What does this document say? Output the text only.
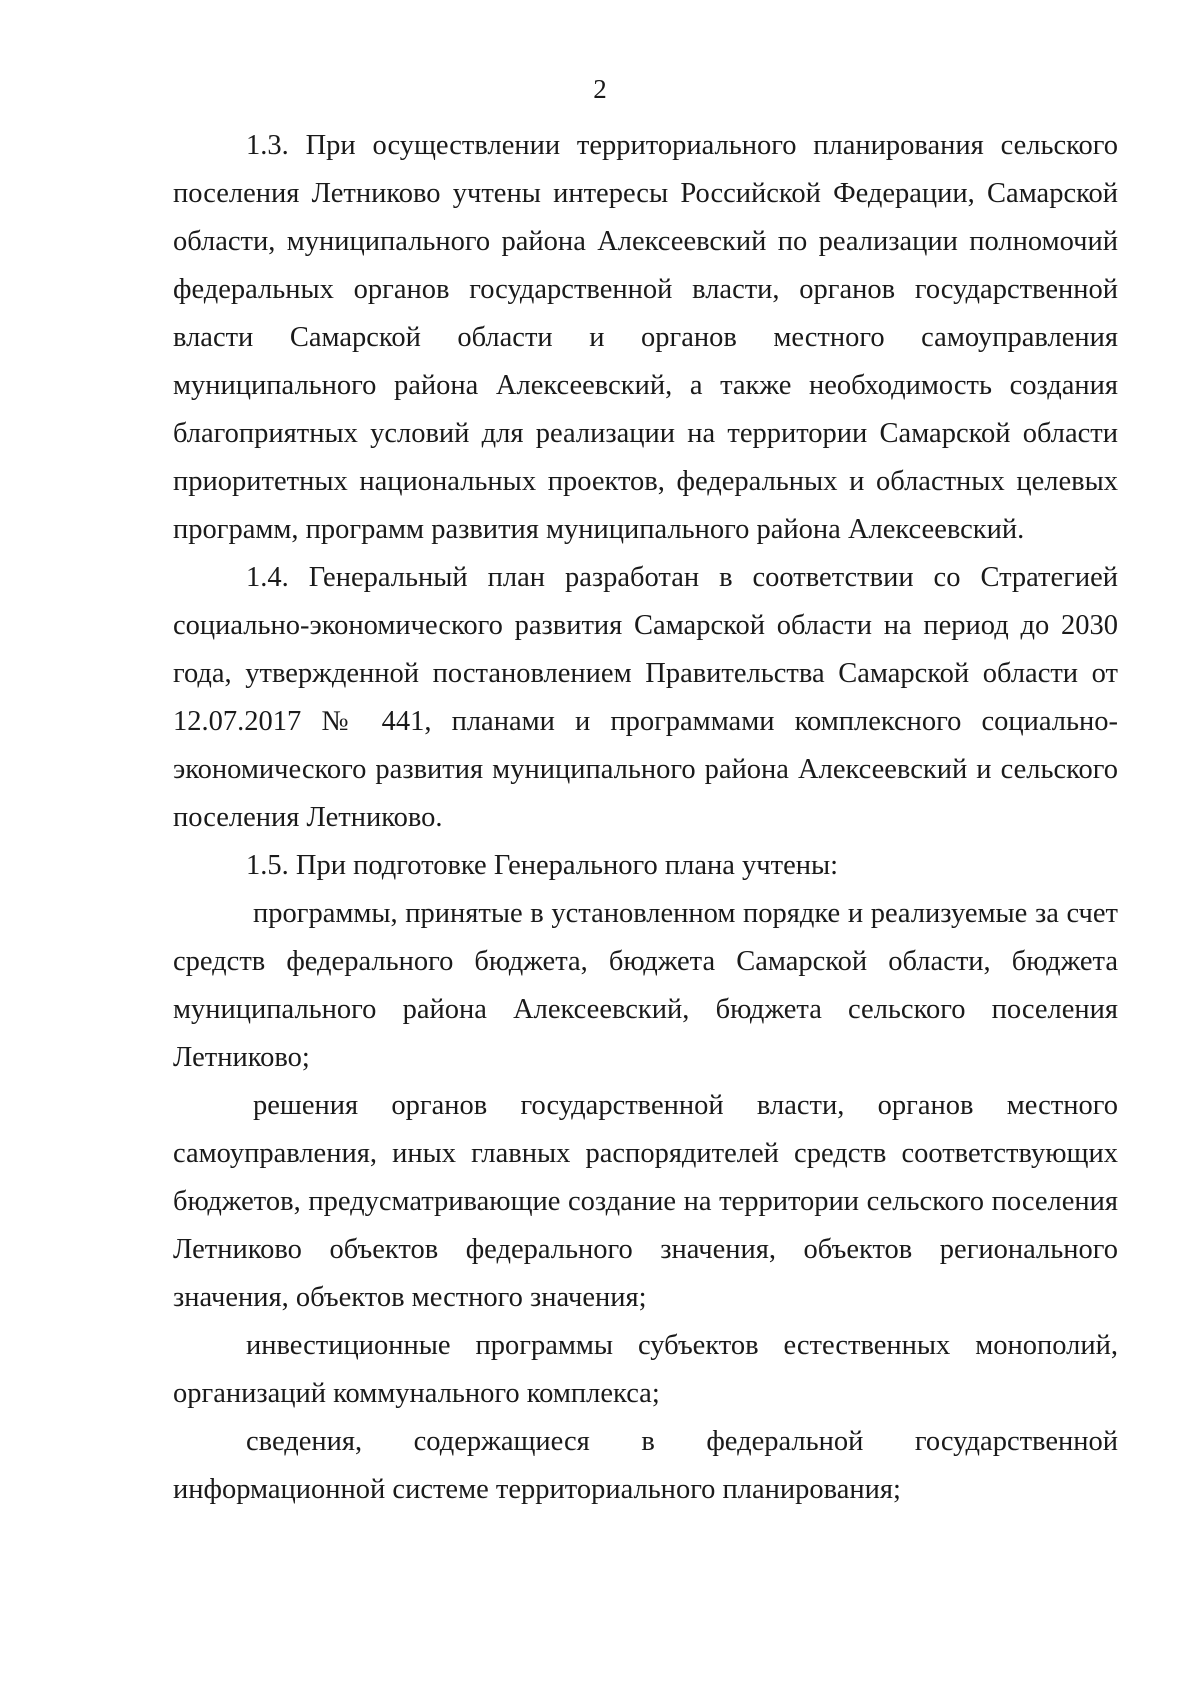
2

1.3. При осуществлении территориального планирования сельского поселения Летниково учтены интересы Российской Федерации, Самарской области, муниципального района Алексеевский по реализации полномочий федеральных органов государственной власти, органов государственной власти Самарской области и органов местного самоуправления муниципального района Алексеевский, а также необходимость создания благоприятных условий для реализации на территории Самарской области приоритетных национальных проектов, федеральных и областных целевых программ, программ развития муниципального района Алексеевский.

1.4. Генеральный план разработан в соответствии со Стратегией социально-экономического развития Самарской области на период до 2030 года, утвержденной постановлением Правительства Самарской области от 12.07.2017 № 441, планами и программами комплексного социально-экономического развития муниципального района Алексеевский и сельского поселения Летниково.

1.5. При подготовке Генерального плана учтены:

программы, принятые в установленном порядке и реализуемые за счет средств федерального бюджета, бюджета Самарской области, бюджета муниципального района Алексеевский, бюджета сельского поселения Летниково;

решения органов государственной власти, органов местного самоуправления, иных главных распорядителей средств соответствующих бюджетов, предусматривающие создание на территории сельского поселения Летниково объектов федерального значения, объектов регионального значения, объектов местного значения;

инвестиционные программы субъектов естественных монополий, организаций коммунального комплекса;

сведения, содержащиеся в федеральной государственной информационной системе территориального планирования;
